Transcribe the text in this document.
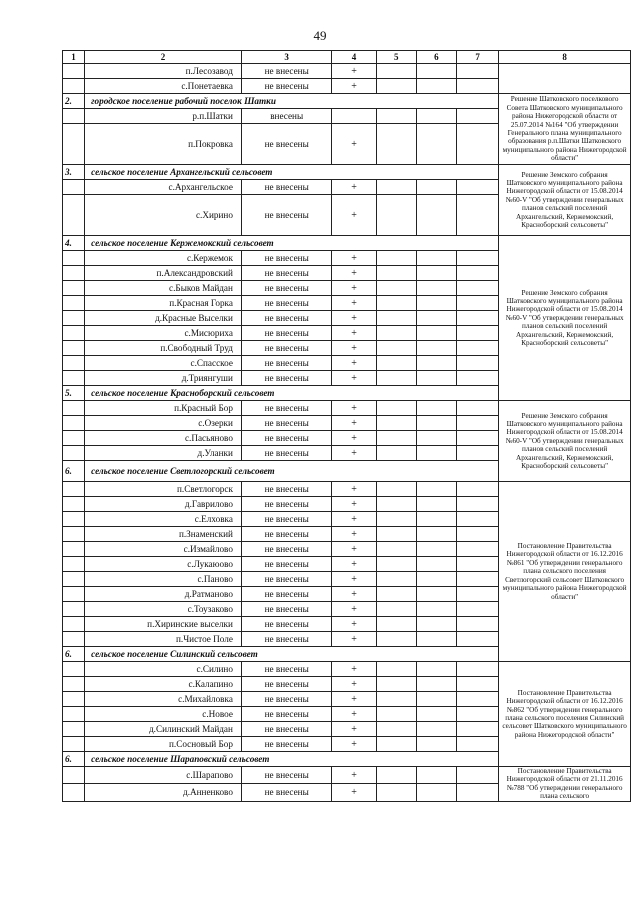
49
1	2	3	4	5	6	7	8
	п.Лесозавод	не внесены	+				
	с.Понетаевка	не внесены	+				
2.	городское поселение рабочий поселок Шатки						Решение Шатковского поселкового Совета Шатковского муниципального района Нижегородской области от 25.07.2014 №164 "Об утверждении Генерального плана муниципального образования р.п.Шатки Шатковского муниципального района Нижегородской области"
	р.п.Шатки	внесены					
	п.Покровка	не внесены	+				
3.	сельское поселение Архангельский сельсовет						Решение Земского собрания Шатковского муниципального района Нижегородской области от 15.08.2014 №60-V "Об утверждении генеральных планов сельский поселений Архангельский, Кержемокский, Красноборский сельсоветы"
	с.Архангельское	не внесены	+				
	с.Хирино	не внесены	+				
4.	сельское поселение Кержемокский сельсовет						Решение Земского собрания Шатковского муниципального района Нижегородской области от 15.08.2014 №60-V "Об утверждении генеральных планов сельский поселений Архангельский, Кержемокский, Красноборский сельсоветы"
	с.Кержемок	не внесены	+				
	п.Александровский	не внесены	+				
	с.Быков Майдан	не внесены	+				
	п.Красная Горка	не внесены	+				
	д.Красные Выселки	не внесены	+				
	с.Мисюриха	не внесены	+				
	п.Свободный Труд	не внесены	+				
	с.Спасское	не внесены	+				
	д.Триянгуши	не внесены	+				
5.	сельское поселение Красноборский сельсовет						
	п.Красный Бор	не внесены	+				Решение Земского собрания Шатковского муниципального района Нижегородской области от 15.08.2014 №60-V "Об утверждении генеральных планов сельский поселений Архангельский, Кержемокский, Красноборский сельсоветы"
	с.Озерки	не внесены	+				
	с.Пасьяново	не внесены	+				
	д.Уланки	не внесены	+				
6.	сельское поселение Светлогорский сельсовет						
	п.Светлогорск	не внесены	+				Постановление Правительства Нижегородской области от 16.12.2016 №861 "Об утверждении генерального плана сельского поселения Светлогорский сельсовет Шатковского муниципального района Нижегородской области"
	д.Гаврилово	не внесены	+				
	с.Елховка	не внесены	+				
	п.Знаменский	не внесены	+				
	с.Измайлово	не внесены	+				
	с.Лукаюово	не внесены	+				
	с.Паново	не внесены	+				
	д.Ратманово	не внесены	+				
	с.Тоузаково	не внесены	+				
	п.Хиринские выселки	не внесены	+				
	п.Чистое Поле	не внесены	+				
6.	сельское поселение Силинский сельсовет						
	с.Силино	не внесены	+				Постановление Правительства Нижегородской области от 16.12.2016 №862 "Об утверждении генерального плана сельского поселения Силинский сельсовет Шатковского муниципального района Нижегородской области"
	с.Калапино	не внесены	+				
	с.Михайловка	не внесены	+				
	с.Новое	не внесены	+				
	д.Силинский Майдан	не внесены	+				
	п.Сосновый Бор	не внесены	+				
6.	сельское поселение Шараповский сельсовет						
	с.Шарапово	не внесены	+				Постановление Правительства Нижегородской области от 21.11.2016 №788 "Об утверждении генерального плана сельского
	д.Анненково	не внесены	+				
